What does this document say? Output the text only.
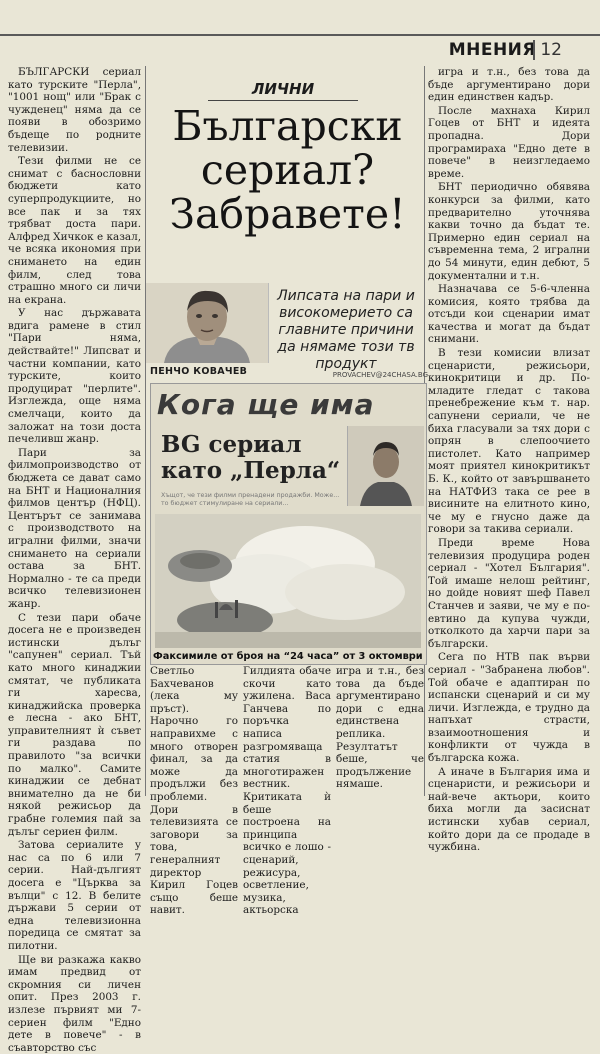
МНЕНИЯ 12

БЪЛГАРСКИ сериал като турските "Перла", "1001 нощ" или "Брак с чужденец" няма да се появи в обозримо бъдеще по родните телевизии.

Тези филми не се снимат с баснословни бюджети като суперпродукциите, но все пак и за тях трябват доста пари. Алфред Хичкок е казал, че всяка икономия при снимането на един филм, след това страшно много си личи на екрана.

У нас държавата вдига рамене в стил "Пари няма, действайте!" Липсват и частни компании, като турските, които продуцират "перлите". Изглежда, още няма смелчаци, които да заложат на този доста печеливш жанр.

Пари за филмопроизводство от бюджета се дават само на БНТ и Националния филмов център (НФЦ). Центърът се занимава с производството на игрални филми, значи снимането на сериали остава за БНТ. Нормално - те са преди всичко телевизионен жанр.

С тези пари обаче досега не е произведен истински дълъг "сапунен" сериал. Тъй като много кинаджии смятат, че публиката ги харесва, кинаджийска проверка е лесна - ако БНТ, управителният ѝ съвет ги раздава по правилото "за всички по малко". Самите кинаджии се дебнат внимателно да не би някой режисьор да грабне големия пай за дълъг сериен филм.

Затова сериалите у нас са по 6 или 7 серии. Най-дългият досега е "Църква за вълци" с 12. В белите държави 5 серии от една телевизионна поредица се смятат за пилотни.

Ще ви разкажа какво имам предвид от скромния си личен опит. През 2003 г. излезе първият ми 7-сериен филм "Едно дете в повече" - в съавторство със

ЛИЧНИ
Български
сериал?
Забравете!
Липсата на пари и високомерието са главните причини да нямаме този тв продукт
ПЕНЧО КОВАЧЕВ	PROVACHEV@24CHASA.BG
Кога ще има
BG сериал
като „Перла“
Хъщот, че тези филми пренадени продажби. Може... то бюджет стимулиране на сериали...
Факсимиле от броя на “24 часа” от 3 октомври

Светльо Бахчеванов (лека му пръст). Нарочно го направихме с много отворен финал, за да може да продължи без проблеми. Дори в телевизията се заговори за това, генералният директор Кирил Гоцев също беше навит.

Гилдията обаче скочи като ужилена. Васа Ганчева по поръчка написа разгромяваща статия в многотиражен вестник. Критиката ѝ беше построена на принципа всичко е лошо - сценарий, режисура, осветление, музика, актьорска

игра и т.н., без това да бъде аргументирано дори с една единствена реплика. Резултатът беше, че продължение нямаше.

игра и т.н., без това да бъде аргументирано дори един единствен кадър.

После махнаха Кирил Гоцев от БНТ и идеята пропадна. Дори програмираха "Едно дете в повече" в неизгледаемо време.

БНТ периодично обявява конкурси за филми, като предварително уточнява какви точно да бъдат те. Примерно един сериал на съвременна тема, 2 игрални до 54 минути, един дебют, 5 документални и т.н.

Назначава се 5-6-членна комисия, която трябва да отсъди кои сценарии имат качества и могат да бъдат снимани.

В тези комисии влизат сценаристи, режисьори, кинокритици и др. По-младите гледат с такова пренебрежение към т. нар. сапунени сериали, че не биха гласували за тях дори с опрян в слепоочието пистолет. Като например моят приятел кинокритикът Б. К., който от завършването на НАТФИЗ така се рее в висините на елитното кино, че му е гнусно даже да говори за такива сериали.

Преди време Нова телевизия продуцира роден сериал - "Хотел България". Той имаше нелош рейтинг, но дойде новият шеф Павел Станчев и заяви, че му е по-евтино да купува чужди, отколкото да харчи пари за български.

Сега по НТВ пак върви сериал - "Забранена любов". Той обаче е адаптиран по испански сценарий и си му личи. Изглежда, е трудно да напъхат страсти, взаимоотношения и конфликти от чужда в българска кожа.

А иначе в България има и сценаристи, и режисьори и най-вече актьори, които биха могли да засиснат истински хубав сериал, който дори да се продаде в чужбина.
